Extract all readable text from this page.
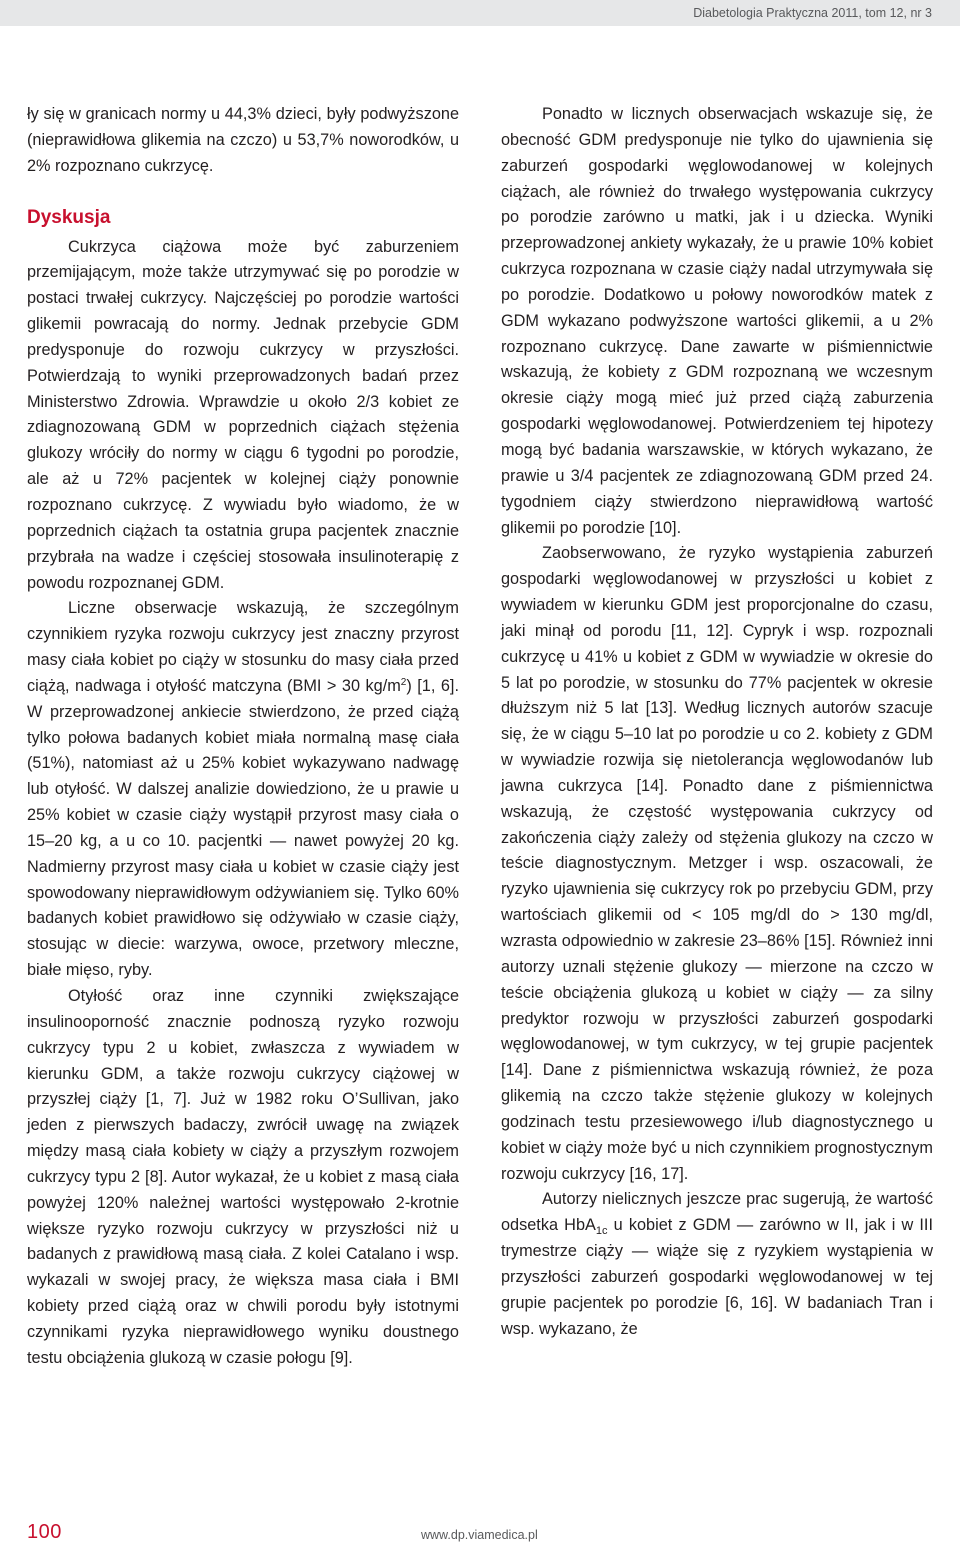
Diabetologia Praktyczna 2011, tom 12, nr 3

ły się w granicach normy u 44,3% dzieci, były podwyższone (nieprawidłowa glikemia na czczo) u 53,7% noworodków, u 2% rozpoznano cukrzycę.

Dyskusja

Cukrzyca ciążowa może być zaburzeniem przemijającym, może także utrzymywać się po porodzie w postaci trwałej cukrzycy. Najczęściej po porodzie wartości glikemii powracają do normy. Jednak przebycie GDM predysponuje do rozwoju cukrzycy w przyszłości. Potwierdzają to wyniki przeprowadzonych badań przez Ministerstwo Zdrowia. Wprawdzie u około 2/3 kobiet ze zdiagnozowaną GDM w poprzednich ciążach stężenia glukozy wróciły do normy w ciągu 6 tygodni po porodzie, ale aż u 72% pacjentek w kolejnej ciąży ponownie rozpoznano cukrzycę. Z wywiadu było wiadomo, że w poprzednich ciążach ta ostatnia grupa pacjentek znacznie przybrała na wadze i częściej stosowała insulinoterapię z powodu rozpoznanej GDM.

Liczne obserwacje wskazują, że szczególnym czynnikiem ryzyka rozwoju cukrzycy jest znaczny przyrost masy ciała kobiet po ciąży w stosunku do masy ciała przed ciążą, nadwaga i otyłość matczyna (BMI > 30 $kg/m^2$) [1, 6]. W przeprowadzonej ankiecie stwierdzono, że przed ciążą tylko połowa badanych kobiet miała normalną masę ciała (51%), natomiast aż u 25% kobiet wykazywano nadwagę lub otyłość. W dalszej analizie dowiedziono, że u prawie u 25% kobiet w czasie ciąży wystąpił przyrost masy ciała o 15–20 kg, a u co 10. pacjentki — nawet powyżej 20 kg. Nadmierny przyrost masy ciała u kobiet w czasie ciąży jest spowodowany nieprawidłowym odżywianiem się. Tylko 60% badanych kobiet prawidłowo się odżywiało w czasie ciąży, stosując w diecie: warzywa, owoce, przetwory mleczne, białe mięso, ryby.

Otyłość oraz inne czynniki zwiększające insulinooporność znacznie podnoszą ryzyko rozwoju cukrzycy typu 2 u kobiet, zwłaszcza z wywiadem w kierunku GDM, a także rozwoju cukrzycy ciążowej w przyszłej ciąży [1, 7]. Już w 1982 roku O’Sullivan, jako jeden z pierwszych badaczy, zwrócił uwagę na związek między masą ciała kobiety w ciąży a przyszłym rozwojem cukrzycy typu 2 [8]. Autor wykazał, że u kobiet z masą ciała powyżej 120% należnej wartości występowało 2-krotnie większe ryzyko rozwoju cukrzycy w przyszłości niż u badanych z prawidłową masą ciała. Z kolei Catalano i wsp. wykazali w swojej pracy, że większa masa ciała i BMI kobiety przed ciążą oraz w chwili porodu były istotnymi czynnikami ryzyka nieprawidłowego wyniku doustnego testu obciążenia glukozą w czasie połogu [9].

Ponadto w licznych obserwacjach wskazuje się, że obecność GDM predysponuje nie tylko do ujawnienia się zaburzeń gospodarki węglowodanowej w kolejnych ciążach, ale również do trwałego występowania cukrzycy po porodzie zarówno u matki, jak i u dziecka. Wyniki przeprowadzonej ankiety wykazały, że u prawie 10% kobiet cukrzyca rozpoznana w czasie ciąży nadal utrzymywała się po porodzie. Dodatkowo u połowy noworodków matek z GDM wykazano podwyższone wartości glikemii, a u 2% rozpoznano cukrzycę. Dane zawarte w piśmiennictwie wskazują, że kobiety z GDM rozpoznaną we wczesnym okresie ciąży mogą mieć już przed ciążą zaburzenia gospodarki węglowodanowej. Potwierdzeniem tej hipotezy mogą być badania warszawskie, w których wykazano, że prawie u 3/4 pacjentek ze zdiagnozowaną GDM przed 24. tygodniem ciąży stwierdzono nieprawidłową wartość glikemii po porodzie [10].

Zaobserwowano, że ryzyko wystąpienia zaburzeń gospodarki węglowodanowej w przyszłości u kobiet z wywiadem w kierunku GDM jest proporcjonalne do czasu, jaki minął od porodu [11, 12]. Cypryk i wsp. rozpoznali cukrzycę u 41% u kobiet z GDM w wywiadzie w okresie do 5 lat po porodzie, w stosunku do 77% pacjentek w okresie dłuższym niż 5 lat [13]. Według licznych autorów szacuje się, że w ciągu 5–10 lat po porodzie u co 2. kobiety z GDM w wywiadzie rozwija się nietolerancja węglowodanów lub jawna cukrzyca [14]. Ponadto dane z piśmiennictwa wskazują, że częstość występowania cukrzycy od zakończenia ciąży zależy od stężenia glukozy na czczo w teście diagnostycznym. Metzger i wsp. oszacowali, że ryzyko ujawnienia się cukrzycy rok po przebyciu GDM, przy wartościach glikemii od < 105 mg/dl do > 130 mg/dl, wzrasta odpowiednio w zakresie 23–86% [15]. Również inni autorzy uznali stężenie glukozy — mierzone na czczo w teście obciążenia glukozą u kobiet w ciąży — za silny predyktor rozwoju w przyszłości zaburzeń gospodarki węglowodanowej, w tym cukrzycy, w tej grupie pacjentek [14]. Dane z piśmiennictwa wskazują również, że poza glikemią na czczo także stężenie glukozy w kolejnych godzinach testu przesiewowego i/lub diagnostycznego u kobiet w ciąży może być u nich czynnikiem prognostycznym rozwoju cukrzycy [16, 17].

Autorzy nielicznych jeszcze prac sugerują, że wartość odsetka HbA$_{1c}$ u kobiet z GDM — zarówno w II, jak i w III trymestrze ciąży — wiąże się z ryzykiem wystąpienia w przyszłości zaburzeń gospodarki węglowodanowej w tej grupie pacjentek po porodzie [6, 16]. W badaniach Tran i wsp. wykazano, że

100	www.dp.viamedica.pl
